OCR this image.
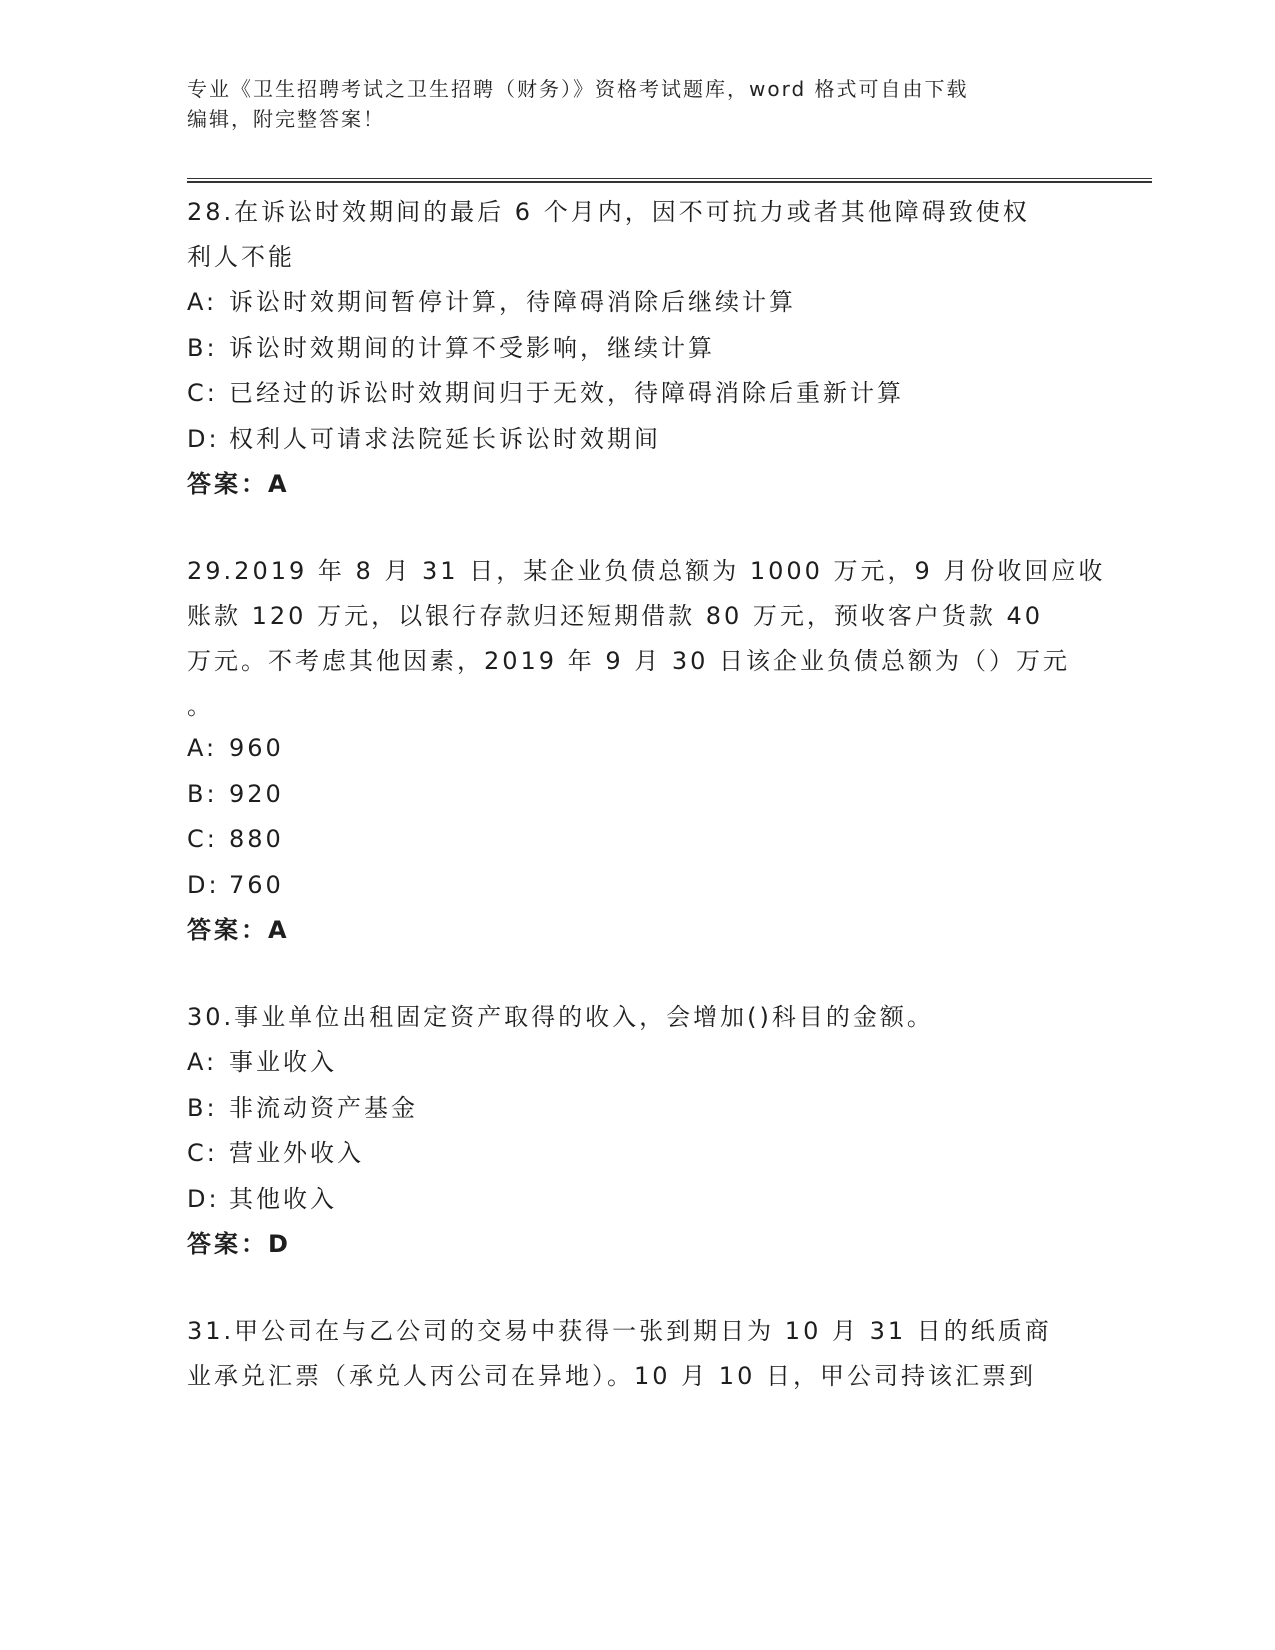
专业《卫生招聘考试之卫生招聘（财务）》资格考试题库，word 格式可自由下载

编辑，附完整答案！

28.在诉讼时效期间的最后 6 个月内，因不可抗力或者其他障碍致使权
利人不能

A: 诉讼时效期间暂停计算，待障碍消除后继续计算

B: 诉讼时效期间的计算不受影响，继续计算

C: 已经过的诉讼时效期间归于无效，待障碍消除后重新计算

D: 权利人可请求法院延长诉讼时效期间

答案：A

29.2019 年 8 月 31 日，某企业负债总额为 1000 万元，9 月份收回应收
账款 120 万元，以银行存款归还短期借款 80 万元，预收客户货款 40
万元。不考虑其他因素，2019 年 9 月 30 日该企业负债总额为（）万元
。

A: 960

B: 920

C: 880

D: 760

答案：A

30.事业单位出租固定资产取得的收入，会增加()科目的金额。

A: 事业收入

B: 非流动资产基金

C: 营业外收入

D: 其他收入

答案：D

31.甲公司在与乙公司的交易中获得一张到期日为 10 月 31 日的纸质商
业承兑汇票（承兑人丙公司在异地）。10 月 10 日，甲公司持该汇票到
